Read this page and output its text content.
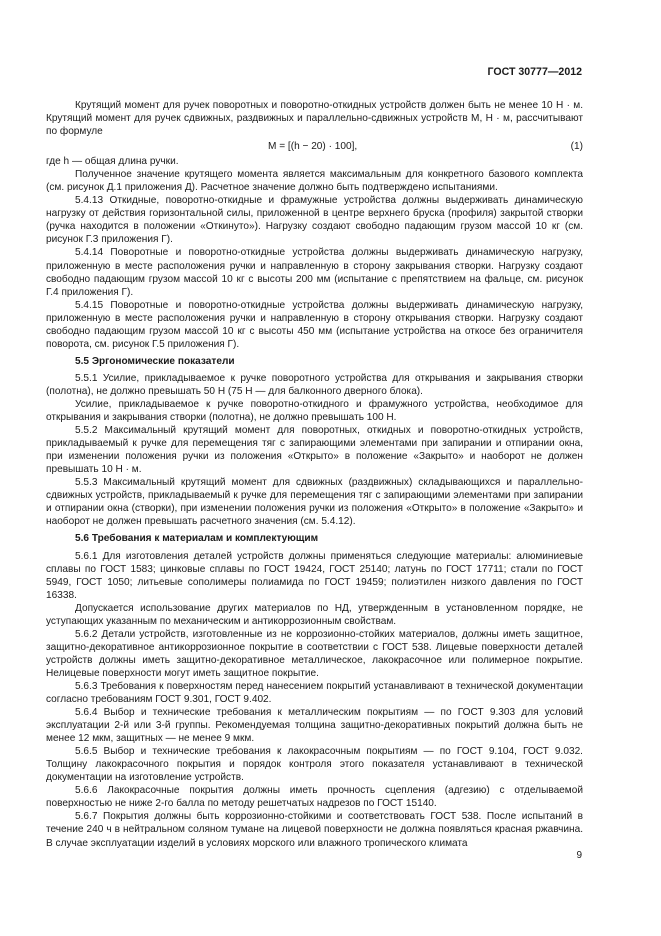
ГОСТ 30777—2012

Крутящий момент для ручек поворотных и поворотно-откидных устройств должен быть не менее 10 Н · м. Крутящий момент для ручек сдвижных, раздвижных и параллельно-сдвижных устройств M, Н · м, рассчитывают по формуле

M = [(h − 20) · 100],	(1)

где h — общая длина ручки.

Полученное значение крутящего момента является максимальным для конкретного базового комплекта (см. рисунок Д.1 приложения Д). Расчетное значение должно быть подтверждено испытаниями.

5.4.13 Откидные, поворотно-откидные и фрамужные устройства должны выдерживать динамическую нагрузку от действия горизонтальной силы, приложенной в центре верхнего бруска (профиля) закрытой створки (ручка находится в положении «Откинуто»). Нагрузку создают свободно падающим грузом массой 10 кг (см. рисунок Г.3 приложения Г).

5.4.14 Поворотные и поворотно-откидные устройства должны выдерживать динамическую нагрузку, приложенную в месте расположения ручки и направленную в сторону закрывания створки. Нагрузку создают свободно падающим грузом массой 10 кг с высоты 200 мм (испытание с препятствием на фальце, см. рисунок Г.4 приложения Г).

5.4.15 Поворотные и поворотно-откидные устройства должны выдерживать динамическую нагрузку, приложенную в месте расположения ручки и направленную в сторону открывания створки. Нагрузку создают свободно падающим грузом массой 10 кг с высоты 450 мм (испытание устройства на откосе без ограничителя поворота, см. рисунок Г.5 приложения Г).

5.5 Эргономические показатели

5.5.1 Усилие, прикладываемое к ручке поворотного устройства для открывания и закрывания створки (полотна), не должно превышать 50 Н (75 Н — для балконного дверного блока).

Усилие, прикладываемое к ручке поворотно-откидного и фрамужного устройства, необходимое для открывания и закрывания створки (полотна), не должно превышать 100 Н.

5.5.2 Максимальный крутящий момент для поворотных, откидных и поворотно-откидных устройств, прикладываемый к ручке для перемещения тяг с запирающими элементами при запирании и отпирании окна, при изменении положения ручки из положения «Открыто» в положение «Закрыто» и наоборот не должен превышать 10 Н · м.

5.5.3 Максимальный крутящий момент для сдвижных (раздвижных) складывающихся и параллельно-сдвижных устройств, прикладываемый к ручке для перемещения тяг с запирающими элементами при запирании и отпирании окна (створки), при изменении положения ручки из положения «Открыто» в положение «Закрыто» и наоборот не должен превышать расчетного значения (см. 5.4.12).

5.6 Требования к материалам и комплектующим

5.6.1 Для изготовления деталей устройств должны применяться следующие материалы: алюминиевые сплавы по ГОСТ 1583; цинковые сплавы по ГОСТ 19424, ГОСТ 25140; латунь по ГОСТ 17711; стали по ГОСТ 5949, ГОСТ 1050; литьевые сополимеры полиамида по ГОСТ 19459; полиэтилен низкого давления по ГОСТ 16338.

Допускается использование других материалов по НД, утвержденным в установленном порядке, не уступающих указанным по механическим и антикоррозионным свойствам.

5.6.2 Детали устройств, изготовленные из не коррозионно-стойких материалов, должны иметь защитное, защитно-декоративное антикоррозионное покрытие в соответствии с ГОСТ 538. Лицевые поверхности деталей устройств должны иметь защитно-декоративное металлическое, лакокрасочное или полимерное покрытие. Нелицевые поверхности могут иметь защитное покрытие.

5.6.3 Требования к поверхностям перед нанесением покрытий устанавливают в технической документации согласно требованиям ГОСТ 9.301, ГОСТ 9.402.

5.6.4 Выбор и технические требования к металлическим покрытиям — по ГОСТ 9.303 для условий эксплуатации 2-й или 3-й группы. Рекомендуемая толщина защитно-декоративных покрытий должна быть не менее 12 мкм, защитных — не менее 9 мкм.

5.6.5 Выбор и технические требования к лакокрасочным покрытиям — по ГОСТ 9.104, ГОСТ 9.032. Толщину лакокрасочного покрытия и порядок контроля этого показателя устанавливают в технической документации на изготовление устройств.

5.6.6 Лакокрасочные покрытия должны иметь прочность сцепления (адгезию) с отделываемой поверхностью не ниже 2-го балла по методу решетчатых надрезов по ГОСТ 15140.

5.6.7 Покрытия должны быть коррозионно-стойкими и соответствовать ГОСТ 538. После испытаний в течение 240 ч в нейтральном соляном тумане на лицевой поверхности не должна появляться красная ржавчина. В случае эксплуатации изделий в условиях морского или влажного тропического климата

9
